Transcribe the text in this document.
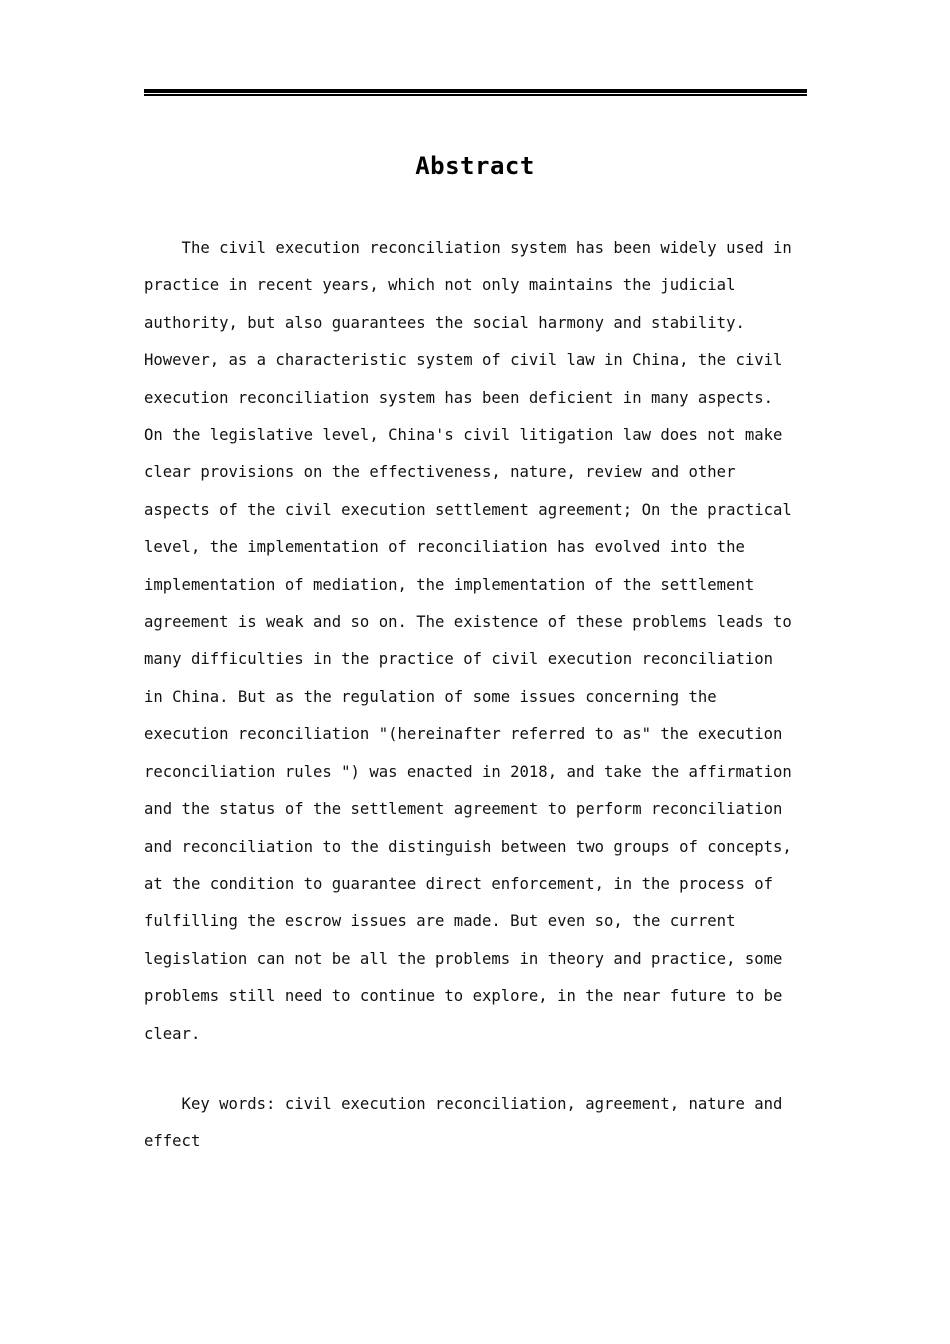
Abstract
The civil execution reconciliation system has been widely used in
practice in recent years, which not only maintains the judicial
authority, but also guarantees the social harmony and stability.
However, as a characteristic system of civil law in China, the civil
execution reconciliation system has been deficient in many aspects.
On the legislative level, China's civil litigation law does not make
clear provisions on the effectiveness, nature, review and other
aspects of the civil execution settlement agreement; On the practical
level, the implementation of reconciliation has evolved into the
implementation of mediation, the implementation of the settlement
agreement is weak and so on. The existence of these problems leads to
many difficulties in the practice of civil execution reconciliation
in China. But as the regulation of some issues concerning the
execution reconciliation "(hereinafter referred to as" the execution
reconciliation rules ") was enacted in 2018, and take the affirmation
and the status of the settlement agreement to perform reconciliation
and reconciliation to the distinguish between two groups of concepts,
at the condition to guarantee direct enforcement, in the process of
fulfilling the escrow issues are made. But even so, the current
legislation can not be all the problems in theory and practice, some
problems still need to continue to explore, in the near future to be
clear.
Key words: civil execution reconciliation, agreement, nature and
effect
